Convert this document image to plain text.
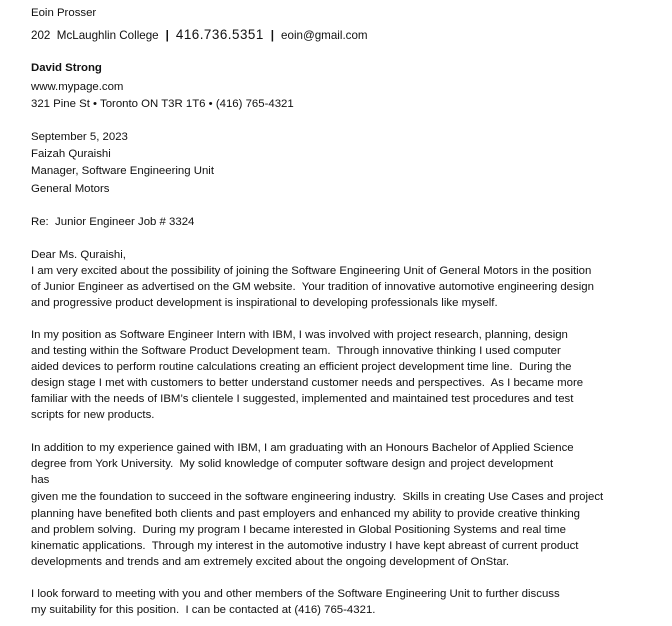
Eoin Prosser
202  McLaughlin College | 416.736.5351 | eoin@gmail.com
David Strong
www.mypage.com
321 Pine St • Toronto ON T3R 1T6 • (416) 765-4321
September 5, 2023
Faizah Quraishi
Manager, Software Engineering Unit
General Motors
Re:  Junior Engineer Job # 3324
Dear Ms. Quraishi,
I am very excited about the possibility of joining the Software Engineering Unit of General Motors in the position
of Junior Engineer as advertised on the GM website.  Your tradition of innovative automotive engineering design
and progressive product development is inspirational to developing professionals like myself.
In my position as Software Engineer Intern with IBM, I was involved with project research, planning, design
and testing within the Software Product Development team.  Through innovative thinking I used computer
aided devices to perform routine calculations creating an efficient project development time line.  During the
design stage I met with customers to better understand customer needs and perspectives.  As I became more
familiar with the needs of IBM’s clientele I suggested, implemented and maintained test procedures and test
scripts for new products.
In addition to my experience gained with IBM, I am graduating with an Honours Bachelor of Applied Science
degree from York University.  My solid knowledge of computer software design and project development
has
given me the foundation to succeed in the software engineering industry.  Skills in creating Use Cases and project
planning have benefited both clients and past employers and enhanced my ability to provide creative thinking
and problem solving.  During my program I became interested in Global Positioning Systems and real time
kinematic applications.  Through my interest in the automotive industry I have kept abreast of current product
developments and trends and am extremely excited about the ongoing development of OnStar.
I look forward to meeting with you and other members of the Software Engineering Unit to further discuss
my suitability for this position.  I can be contacted at (416) 765-4321.
